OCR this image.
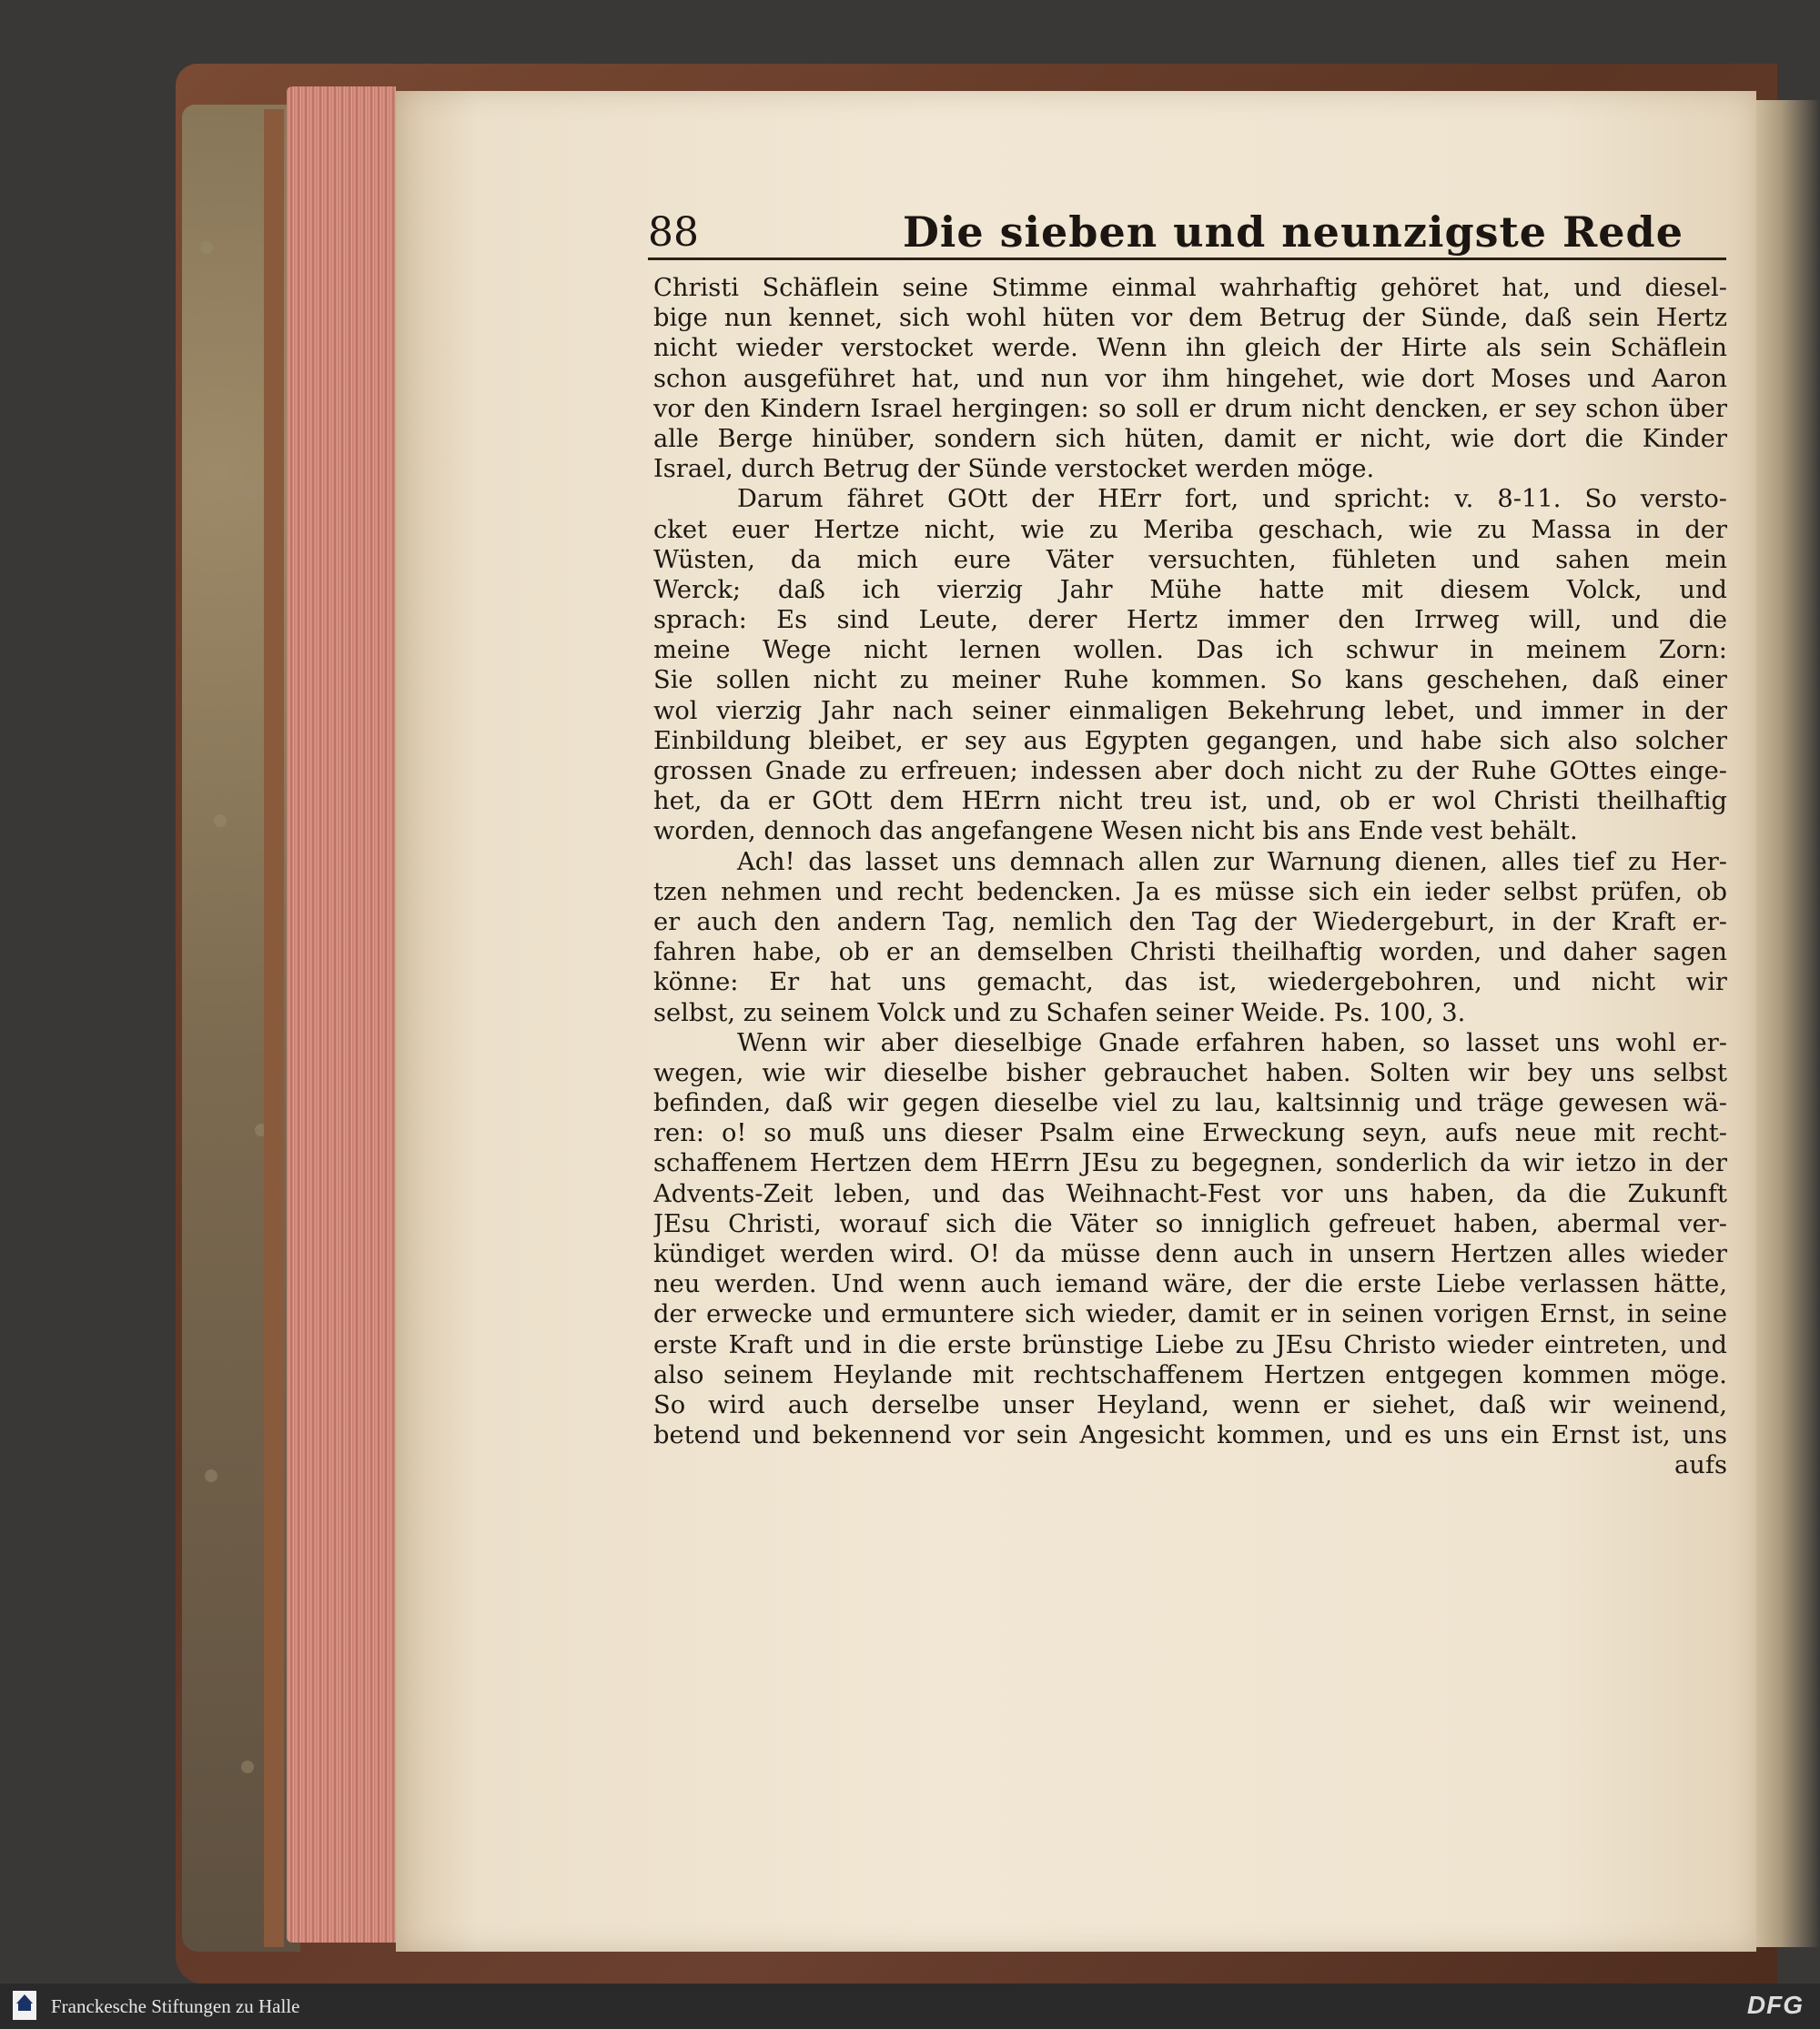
88	Die sieben und neunzigste Rede
Christi Schäflein seine Stimme einmal wahrhaftig gehöret hat, und diesel-
bige nun kennet, sich wohl hüten vor dem Betrug der Sünde, daß sein Hertz
nicht wieder verstocket werde. Wenn ihn gleich der Hirte als sein Schäflein
schon ausgeführet hat, und nun vor ihm hingehet, wie dort Moses und Aaron
vor den Kindern Israel hergingen: so soll er drum nicht dencken, er sey schon über
alle Berge hinüber, sondern sich hüten, damit er nicht, wie dort die Kinder
Israel, durch Betrug der Sünde verstocket werden möge.
Darum fähret GOtt der HErr fort, und spricht: v. 8-11. So versto-
cket euer Hertze nicht, wie zu Meriba geschach, wie zu Massa in der
Wüsten, da mich eure Väter versuchten, fühleten und sahen mein
Werck; daß ich vierzig Jahr Mühe hatte mit diesem Volck, und
sprach: Es sind Leute, derer Hertz immer den Irrweg will, und die
meine Wege nicht lernen wollen. Das ich schwur in meinem Zorn:
Sie sollen nicht zu meiner Ruhe kommen. So kans geschehen, daß einer
wol vierzig Jahr nach seiner einmaligen Bekehrung lebet, und immer in der
Einbildung bleibet, er sey aus Egypten gegangen, und habe sich also solcher
grossen Gnade zu erfreuen; indessen aber doch nicht zu der Ruhe GOttes einge-
het, da er GOtt dem HErrn nicht treu ist, und, ob er wol Christi theilhaftig
worden, dennoch das angefangene Wesen nicht bis ans Ende vest behält.
Ach! das lasset uns demnach allen zur Warnung dienen, alles tief zu Her-
tzen nehmen und recht bedencken. Ja es müsse sich ein ieder selbst prüfen, ob
er auch den andern Tag, nemlich den Tag der Wiedergeburt, in der Kraft er-
fahren habe, ob er an demselben Christi theilhaftig worden, und daher sagen
könne: Er hat uns gemacht, das ist, wiedergebohren, und nicht wir
selbst, zu seinem Volck und zu Schafen seiner Weide. Ps. 100, 3.
Wenn wir aber dieselbige Gnade erfahren haben, so lasset uns wohl er-
wegen, wie wir dieselbe bisher gebrauchet haben. Solten wir bey uns selbst
befinden, daß wir gegen dieselbe viel zu lau, kaltsinnig und träge gewesen wä-
ren: o! so muß uns dieser Psalm eine Erweckung seyn, aufs neue mit recht-
schaffenem Hertzen dem HErrn JEsu zu begegnen, sonderlich da wir ietzo in der
Advents-Zeit leben, und das Weihnacht-Fest vor uns haben, da die Zukunft
JEsu Christi, worauf sich die Väter so inniglich gefreuet haben, abermal ver-
kündiget werden wird. O! da müsse denn auch in unsern Hertzen alles wieder
neu werden. Und wenn auch iemand wäre, der die erste Liebe verlassen hätte,
der erwecke und ermuntere sich wieder, damit er in seinen vorigen Ernst, in seine
erste Kraft und in die erste brünstige Liebe zu JEsu Christo wieder eintreten, und
also seinem Heylande mit rechtschaffenem Hertzen entgegen kommen möge.
So wird auch derselbe unser Heyland, wenn er siehet, daß wir weinend,
betend und bekennend vor sein Angesicht kommen, und es uns ein Ernst ist, uns
aufs
Franckesche Stiftungen zu Halle	DFG
